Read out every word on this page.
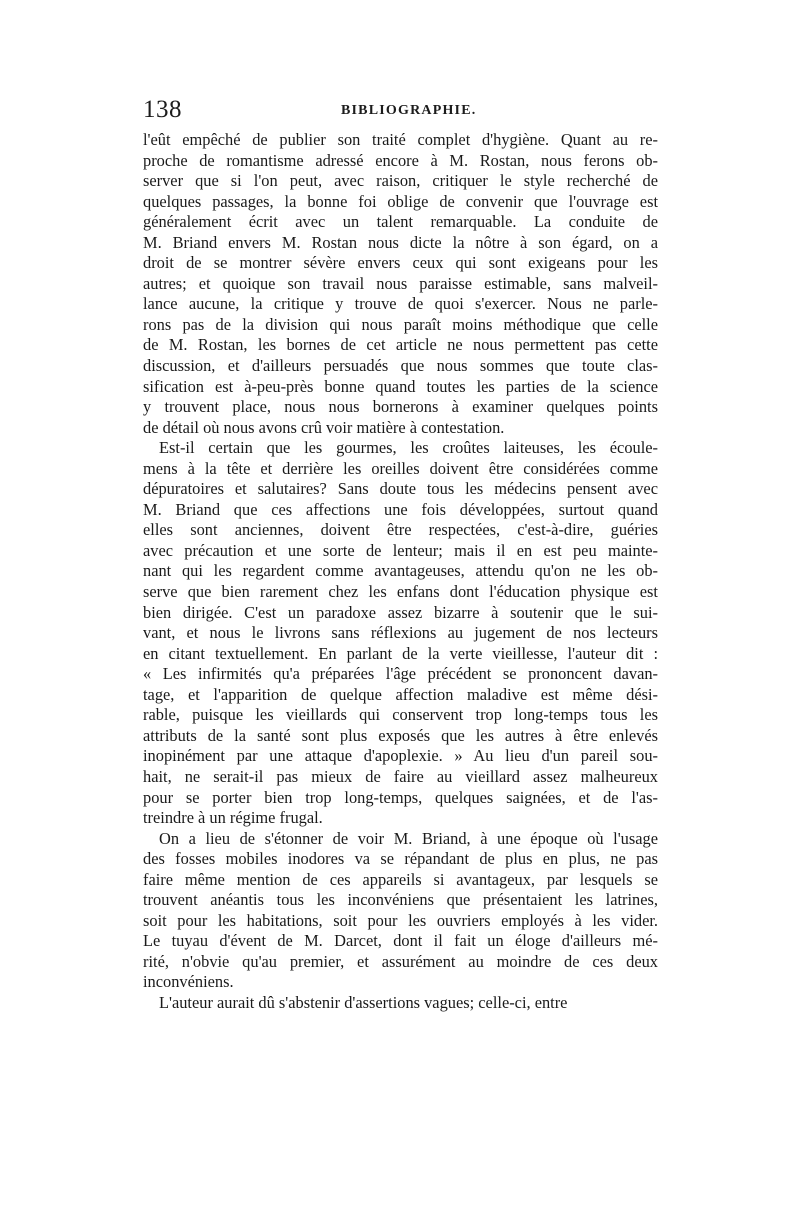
138	BIBLIOGRAPHIE.
l'eût empêché de publier son traité complet d'hygiène. Quant au re-
proche de romantisme adressé encore à M. Rostan, nous ferons ob-
server que si l'on peut, avec raison, critiquer le style recherché de
quelques passages, la bonne foi oblige de convenir que l'ouvrage est
généralement écrit avec un talent remarquable. La conduite de
M. Briand envers M. Rostan nous dicte la nôtre à son égard, on a
droit de se montrer sévère envers ceux qui sont exigeans pour les
autres; et quoique son travail nous paraisse estimable, sans malveil-
lance aucune, la critique y trouve de quoi s'exercer. Nous ne parle-
rons pas de la division qui nous paraît moins méthodique que celle
de M. Rostan, les bornes de cet article ne nous permettent pas cette
discussion, et d'ailleurs persuadés que nous sommes que toute clas-
sification est à-peu-près bonne quand toutes les parties de la science
y trouvent place, nous nous bornerons à examiner quelques points
de détail où nous avons crû voir matière à contestation.
Est-il certain que les gourmes, les croûtes laiteuses, les écoule-
mens à la tête et derrière les oreilles doivent être considérées comme
dépuratoires et salutaires? Sans doute tous les médecins pensent avec
M. Briand que ces affections une fois développées, surtout quand
elles sont anciennes, doivent être respectées, c'est-à-dire, guéries
avec précaution et une sorte de lenteur; mais il en est peu mainte-
nant qui les regardent comme avantageuses, attendu qu'on ne les ob-
serve que bien rarement chez les enfans dont l'éducation physique est
bien dirigée. C'est un paradoxe assez bizarre à soutenir que le sui-
vant, et nous le livrons sans réflexions au jugement de nos lecteurs
en citant textuellement. En parlant de la verte vieillesse, l'auteur dit :
« Les infirmités qu'a préparées l'âge précédent se prononcent davan-
tage, et l'apparition de quelque affection maladive est même dési-
rable, puisque les vieillards qui conservent trop long-temps tous les
attributs de la santé sont plus exposés que les autres à être enlevés
inopinément par une attaque d'apoplexie. » Au lieu d'un pareil sou-
hait, ne serait-il pas mieux de faire au vieillard assez malheureux
pour se porter bien trop long-temps, quelques saignées, et de l'as-
treindre à un régime frugal.
On a lieu de s'étonner de voir M. Briand, à une époque où l'usage
des fosses mobiles inodores va se répandant de plus en plus, ne pas
faire même mention de ces appareils si avantageux, par lesquels se
trouvent anéantis tous les inconvéniens que présentaient les latrines,
soit pour les habitations, soit pour les ouvriers employés à les vider.
Le tuyau d'évent de M. Darcet, dont il fait un éloge d'ailleurs mé-
rité, n'obvie qu'au premier, et assurément au moindre de ces deux
inconvéniens.
L'auteur aurait dû s'abstenir d'assertions vagues; celle-ci, entre
